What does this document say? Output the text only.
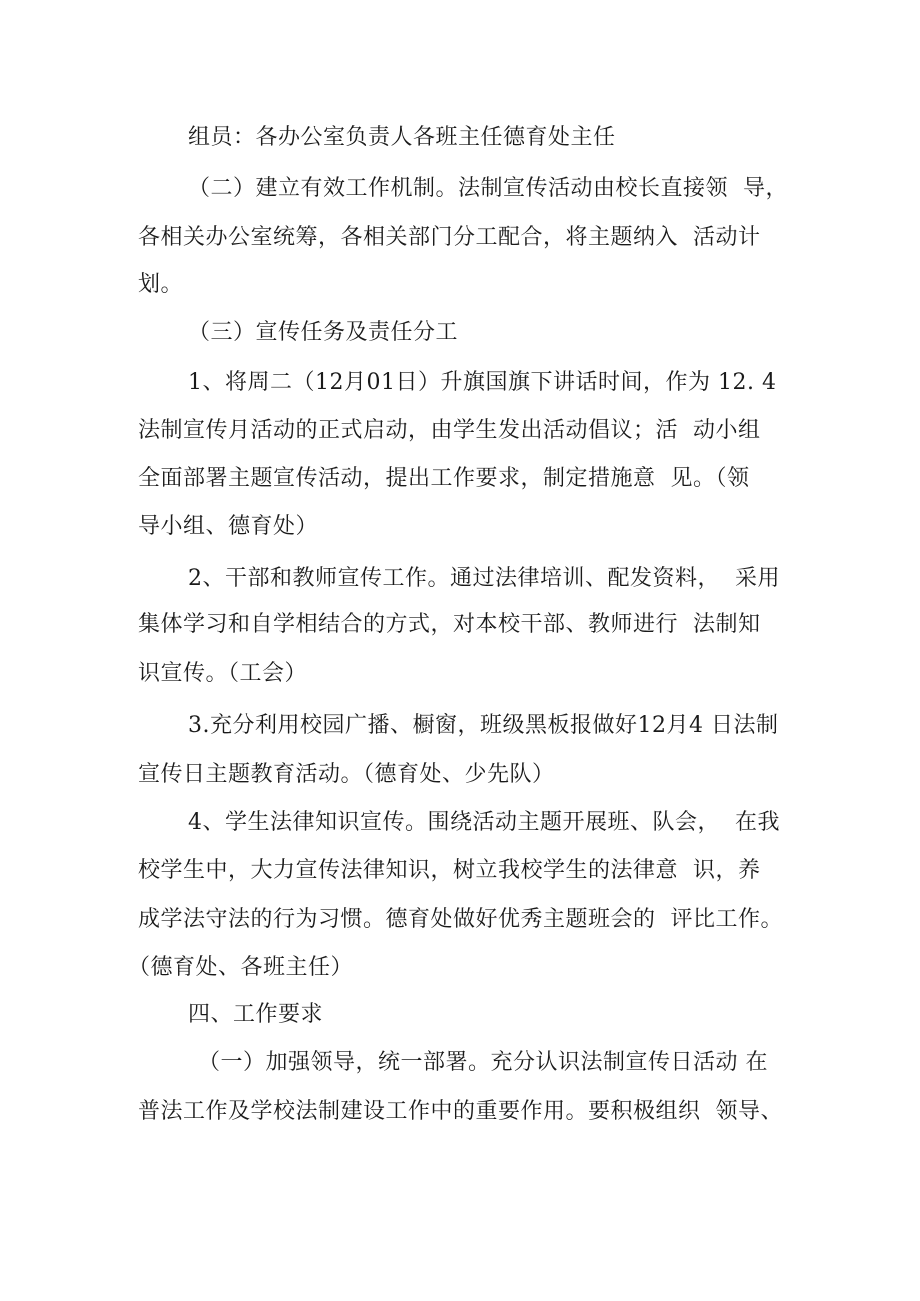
组员：各办公室负责人各班主任德育处主任
（二）建立有效工作机制。法制宣传活动由校长直接领  导，
各相关办公室统筹，各相关部门分工配合，将主题纳入  活动计
划。
（三）宣传任务及责任分工
1、将周二（12月01日）升旗国旗下讲话时间，作为 12. 4
法制宣传月活动的正式启动，由学生发出活动倡议；活  动小组
全面部署主题宣传活动，提出工作要求，制定措施意  见。（领
导小组、德育处）
2、干部和教师宣传工作。通过法律培训、配发资料，  采用
集体学习和自学相结合的方式，对本校干部、教师进行  法制知
识宣传。（工会）
3.充分利用校园广播、橱窗，班级黑板报做好12月4 日法制
宣传日主题教育活动。（德育处、少先队）
4、学生法律知识宣传。围绕活动主题开展班、队会，  在我
校学生中，大力宣传法律知识，树立我校学生的法律意  识，养
成学法守法的行为习惯。德育处做好优秀主题班会的  评比工作。
（德育处、各班主任）
四、工作要求
（一）加强领导，统一部署。充分认识法制宣传日活动 在
普法工作及学校法制建设工作中的重要作用。要积极组织  领导、
